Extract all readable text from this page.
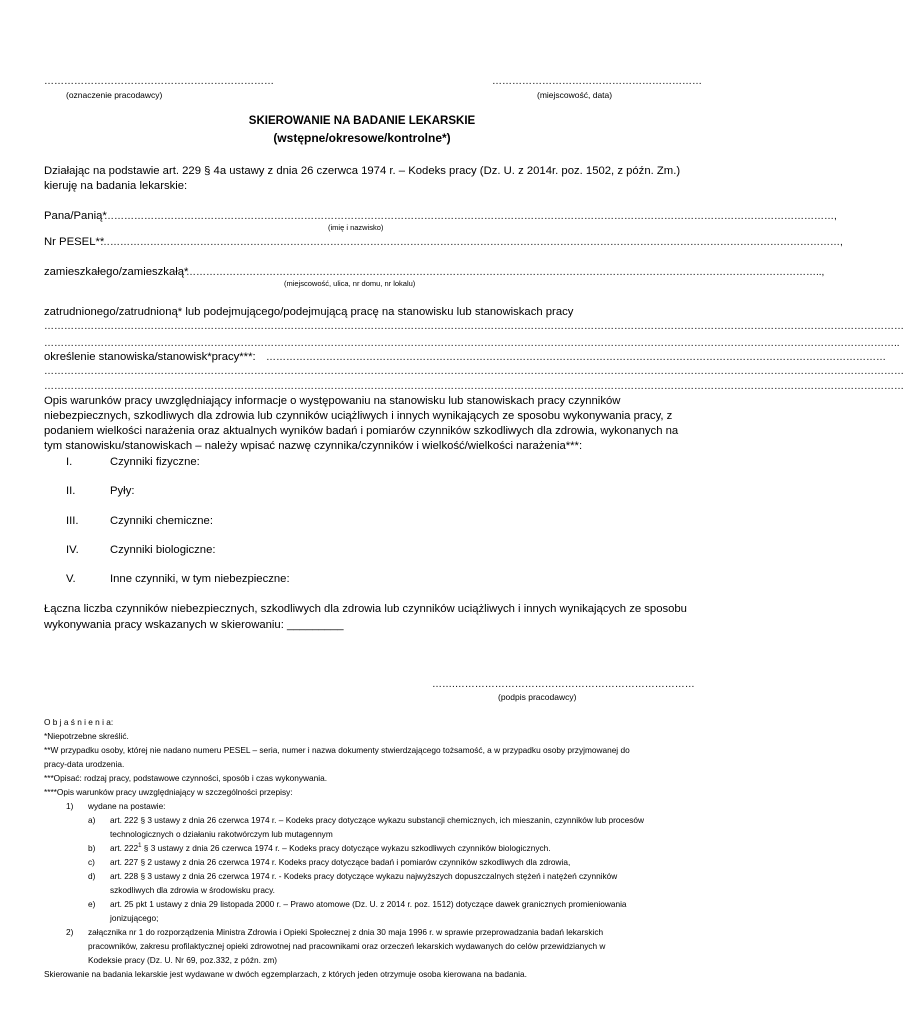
……………………………………………………………
(oznaczenie pracodawcy)
………………………………………………………
(miejscowość, data)
SKIEROWANIE NA BADANIE LEKARSKIE
(wstępne/okresowe/kontrolne*)
Działając na podstawie art. 229 § 4a ustawy z dnia 26 czerwca 1974 r. – Kodeks pracy (Dz. U. z 2014r. poz. 1502, z późn. Zm.)
kieruję na badania lekarskie:
Pana/Panią*
…………………………………………………………………………………………………………………………………………………………………………………………………,
(imię i nazwisko)
Nr PESEL**
……………………………………………………………………………………………………………………………………………………………………………………………………,
zamieszkałego/zamieszkałą*
………………………………………………………………………………………………………………………………………………………………………..,
(miejscowość, ulica, nr domu, nr lokalu)
zatrudnionego/zatrudnioną* lub podejmującego/podejmującą pracę na stanowisku lub stanowiskach pracy
……………………………………………………………………………………………………………………………………………………………………………………………………………………………………
…………………………………………………………………………………………………………………………………………………………………………………………………………………………………..
określenie stanowiska/stanowisk*pracy***: ……………………………………………………………………………………………………………………………………………………………………
……………………………………………………………………………………………………………………………………………………………………………………………………………………………………
……………………………………………………………………………………………………………………………………………………………………………………………………………………………………
Opis warunków pracy uwzględniający informacje o występowaniu na stanowisku lub stanowiskach pracy czynników
niebezpiecznych, szkodliwych dla zdrowia lub czynników uciążliwych i innych wynikających ze sposobu wykonywania pracy, z
podaniem wielkości narażenia oraz aktualnych wyników badań i pomiarów czynników szkodliwych dla zdrowia, wykonanych na
tym stanowisku/stanowiskach – należy wpisać nazwę czynnika/czynników i wielkość/wielkości narażenia***:
I.	Czynniki fizyczne:
II.	Pyły:
III.	Czynniki chemiczne:
IV.	Czynniki biologiczne:
V.	Inne czynniki, w tym niebezpieczne:
Łączna liczba czynników niebezpiecznych, szkodliwych dla zdrowia lub czynników uciążliwych i innych wynikających ze sposobu
wykonywania pracy wskazanych w skierowaniu: _________
…….………………………………………………………………
(podpis pracodawcy)
O b j a ś n i e n i a:
*Niepotrzebne skreślić.
**W przypadku osoby, której nie nadano numeru PESEL – seria, numer i nazwa dokumenty stwierdzającego tożsamość, a w przypadku osoby przyjmowanej do
pracy-data urodzenia.
***Opisać: rodzaj pracy, podstawowe czynności, sposób i czas wykonywania.
****Opis warunków pracy uwzględniający w szczególności przepisy:
1) wydane na postawie:
a) art. 222 § 3 ustawy z dnia 26 czerwca 1974 r. – Kodeks pracy dotyczące wykazu substancji chemicznych, ich mieszanin, czynników lub procesów
technologicznych o działaniu rakotwórczym lub mutagennym
b) art. $222^1$ § 3 ustawy z dnia 26 czerwca 1974 r. – Kodeks pracy dotyczące wykazu szkodliwych czynników biologicznych.
c) art. 227 § 2 ustawy z dnia 26 czerwca 1974 r. Kodeks pracy dotyczące badań i pomiarów czynników szkodliwych dla zdrowia,
d) art. 228 § 3 ustawy z dnia 26 czerwca 1974 r. - Kodeks pracy dotyczące wykazu najwyższych dopuszczalnych stężeń i natężeń czynników
szkodliwych dla zdrowia w środowisku pracy.
e) art. 25 pkt 1 ustawy z dnia 29 listopada 2000 r. – Prawo atomowe (Dz. U. z 2014 r. poz. 1512) dotyczące dawek granicznych promieniowania
jonizującego;
2) załącznika nr 1 do rozporządzenia Ministra Zdrowia i Opieki Społecznej z dnia 30 maja 1996 r. w sprawie przeprowadzania badań lekarskich
pracowników, zakresu profilaktycznej opieki zdrowotnej nad pracownikami oraz orzeczeń lekarskich wydawanych do celów przewidzianych w
Kodeksie pracy (Dz. U. Nr 69, poz.332, z późn. zm)
Skierowanie na badania lekarskie jest wydawane w dwóch egzemplarzach, z których jeden otrzymuje osoba kierowana na badania.
